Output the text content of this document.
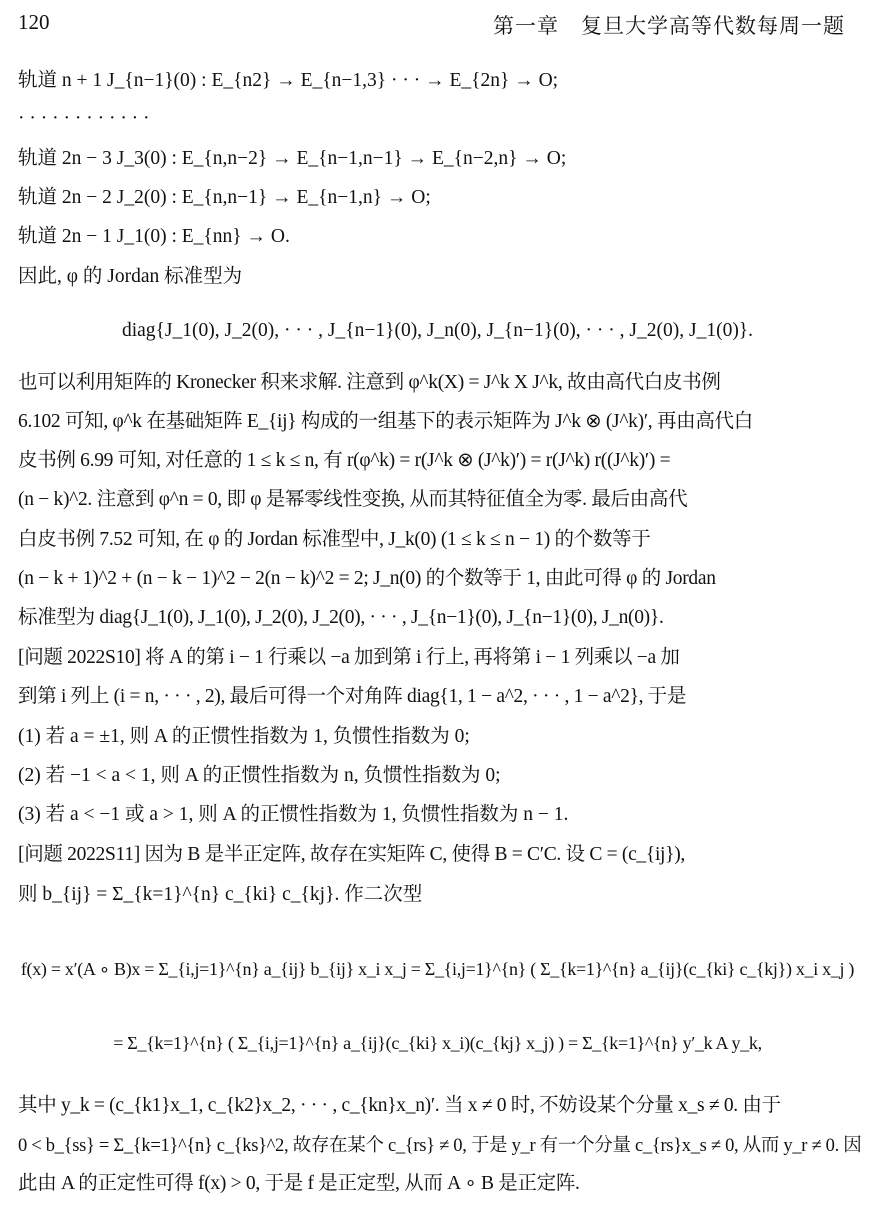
120	第一章　复旦大学高等代数每周一题
轨道 n + 1 J_{n−1}(0) : E_{n2} → E_{n−1,3} · · · → E_{2n} → O;
· · · · · · · · · · · ·
轨道 2n − 3 J_3(0) : E_{n,n−2} → E_{n−1,n−1} → E_{n−2,n} → O;
轨道 2n − 2 J_2(0) : E_{n,n−1} → E_{n−1,n} → O;
轨道 2n − 1 J_1(0) : E_{nn} → O.
因此, φ 的 Jordan 标准型为
diag{J_1(0), J_2(0), · · · , J_{n−1}(0), J_n(0), J_{n−1}(0), · · · , J_2(0), J_1(0)}.
也可以利用矩阵的 Kronecker 积来求解. 注意到 φ^k(X) = J^k X J^k, 故由高代白皮书例
6.102 可知, φ^k 在基础矩阵 E_{ij} 构成的一组基下的表示矩阵为 J^k ⊗ (J^k)′, 再由高代白
皮书例 6.99 可知, 对任意的 1 ≤ k ≤ n, 有 r(φ^k) = r(J^k ⊗ (J^k)′) = r(J^k) r((J^k)′) =
(n − k)^2. 注意到 φ^n = 0, 即 φ 是幂零线性变换, 从而其特征值全为零. 最后由高代
白皮书例 7.52 可知, 在 φ 的 Jordan 标准型中, J_k(0) (1 ≤ k ≤ n − 1) 的个数等于
(n − k + 1)^2 + (n − k − 1)^2 − 2(n − k)^2 = 2; J_n(0) 的个数等于 1, 由此可得 φ 的 Jordan
标准型为 diag{J_1(0), J_1(0), J_2(0), J_2(0), · · · , J_{n−1}(0), J_{n−1}(0), J_n(0)}.
[问题 2022S10] 将 A 的第 i − 1 行乘以 −a 加到第 i 行上, 再将第 i − 1 列乘以 −a 加
到第 i 列上 (i = n, · · · , 2), 最后可得一个对角阵 diag{1, 1 − a^2, · · · , 1 − a^2}, 于是
(1) 若 a = ±1, 则 A 的正惯性指数为 1, 负惯性指数为 0;
(2) 若 −1 < a < 1, 则 A 的正惯性指数为 n, 负惯性指数为 0;
(3) 若 a < −1 或 a > 1, 则 A 的正惯性指数为 1, 负惯性指数为 n − 1.
[问题 2022S11] 因为 B 是半正定阵, 故存在实矩阵 C, 使得 B = C′C. 设 C = (c_{ij}),
则 b_{ij} = Σ_{k=1}^{n} c_{ki} c_{kj}. 作二次型
f(x) = x′(A ∘ B)x = Σ_{i,j=1}^{n} a_{ij} b_{ij} x_i x_j = Σ_{i,j=1}^{n} ( Σ_{k=1}^{n} a_{ij}(c_{ki} c_{kj}) x_i x_j )
= Σ_{k=1}^{n} ( Σ_{i,j=1}^{n} a_{ij}(c_{ki} x_i)(c_{kj} x_j) ) = Σ_{k=1}^{n} y′_k A y_k,
其中 y_k = (c_{k1}x_1, c_{k2}x_2, · · · , c_{kn}x_n)′. 当 x ≠ 0 时, 不妨设某个分量 x_s ≠ 0. 由于
0 < b_{ss} = Σ_{k=1}^{n} c_{ks}^2, 故存在某个 c_{rs} ≠ 0, 于是 y_r 有一个分量 c_{rs}x_s ≠ 0, 从而 y_r ≠ 0. 因
此由 A 的正定性可得 f(x) > 0, 于是 f 是正定型, 从而 A ∘ B 是正定阵.
